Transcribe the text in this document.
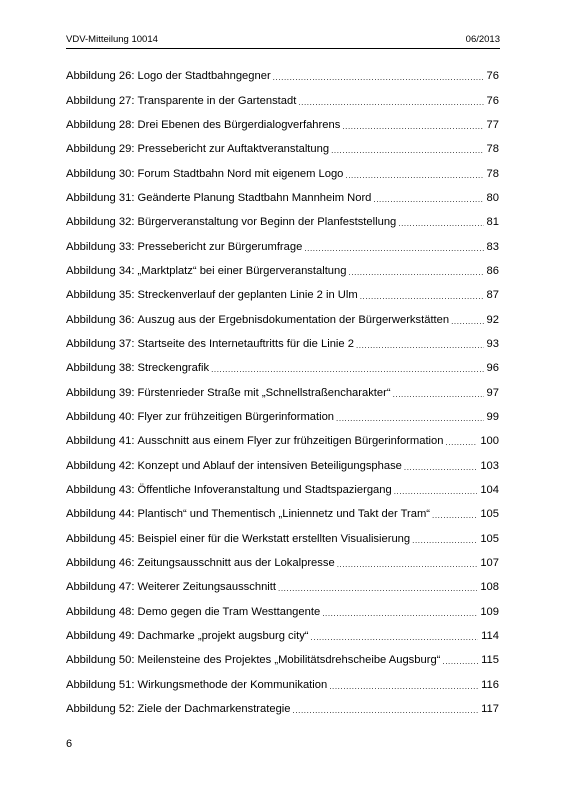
VDV-Mitteilung 10014	06/2013
Abbildung 26:
Logo der Stadtbahngegner .....	76
Abbildung 27:
Transparente in der Gartenstadt .....	76
Abbildung 28:
Drei Ebenen des Bürgerdialogverfahrens .....	77
Abbildung 29:
Pressebericht zur Auftaktveranstaltung .....	78
Abbildung 30:
Forum Stadtbahn Nord mit eigenem Logo .....	78
Abbildung 31:
Geänderte Planung Stadtbahn Mannheim Nord .....	80
Abbildung 32:
Bürgerveranstaltung vor Beginn der Planfeststellung .....	81
Abbildung 33:
Pressebericht zur Bürgerumfrage .....	83
Abbildung 34:
„Marktplatz“ bei einer Bürgerveranstaltung .....	86
Abbildung 35:
Streckenverlauf der geplanten Linie 2 in Ulm .....	87
Abbildung 36:
Auszug aus der Ergebnisdokumentation der Bürgerwerkstätten .....	92
Abbildung 37:
Startseite des Internetauftritts für die Linie 2 .....	93
Abbildung 38:
Streckengrafik .....	96
Abbildung 39:
Fürstenrieder Straße mit „Schnellstraßencharakter“ .....	97
Abbildung 40:
Flyer zur frühzeitigen Bürgerinformation .....	99
Abbildung 41:
Ausschnitt aus einem Flyer zur frühzeitigen Bürgerinformation .....	100
Abbildung 42:
Konzept und Ablauf der intensiven Beteiligungsphase .....	103
Abbildung 43:
Öffentliche Infoveranstaltung und Stadtspaziergang .....	104
Abbildung 44:
Plantisch“ und Thementisch „Liniennetz und Takt der Tram“ .....	105
Abbildung 45:
Beispiel einer für die Werkstatt erstellten Visualisierung .....	105
Abbildung 46:
Zeitungsausschnitt aus der Lokalpresse .....	107
Abbildung 47:
Weiterer Zeitungsausschnitt .....	108
Abbildung 48:
Demo gegen die Tram Westtangente .....	109
Abbildung 49:
Dachmarke „projekt augsburg city“ .....	114
Abbildung 50:
Meilensteine des Projektes „Mobilitätsdrehscheibe Augsburg“ .....	115
Abbildung 51:
Wirkungsmethode der Kommunikation .....	116
Abbildung 52:
Ziele der Dachmarkenstrategie .....	117
6
